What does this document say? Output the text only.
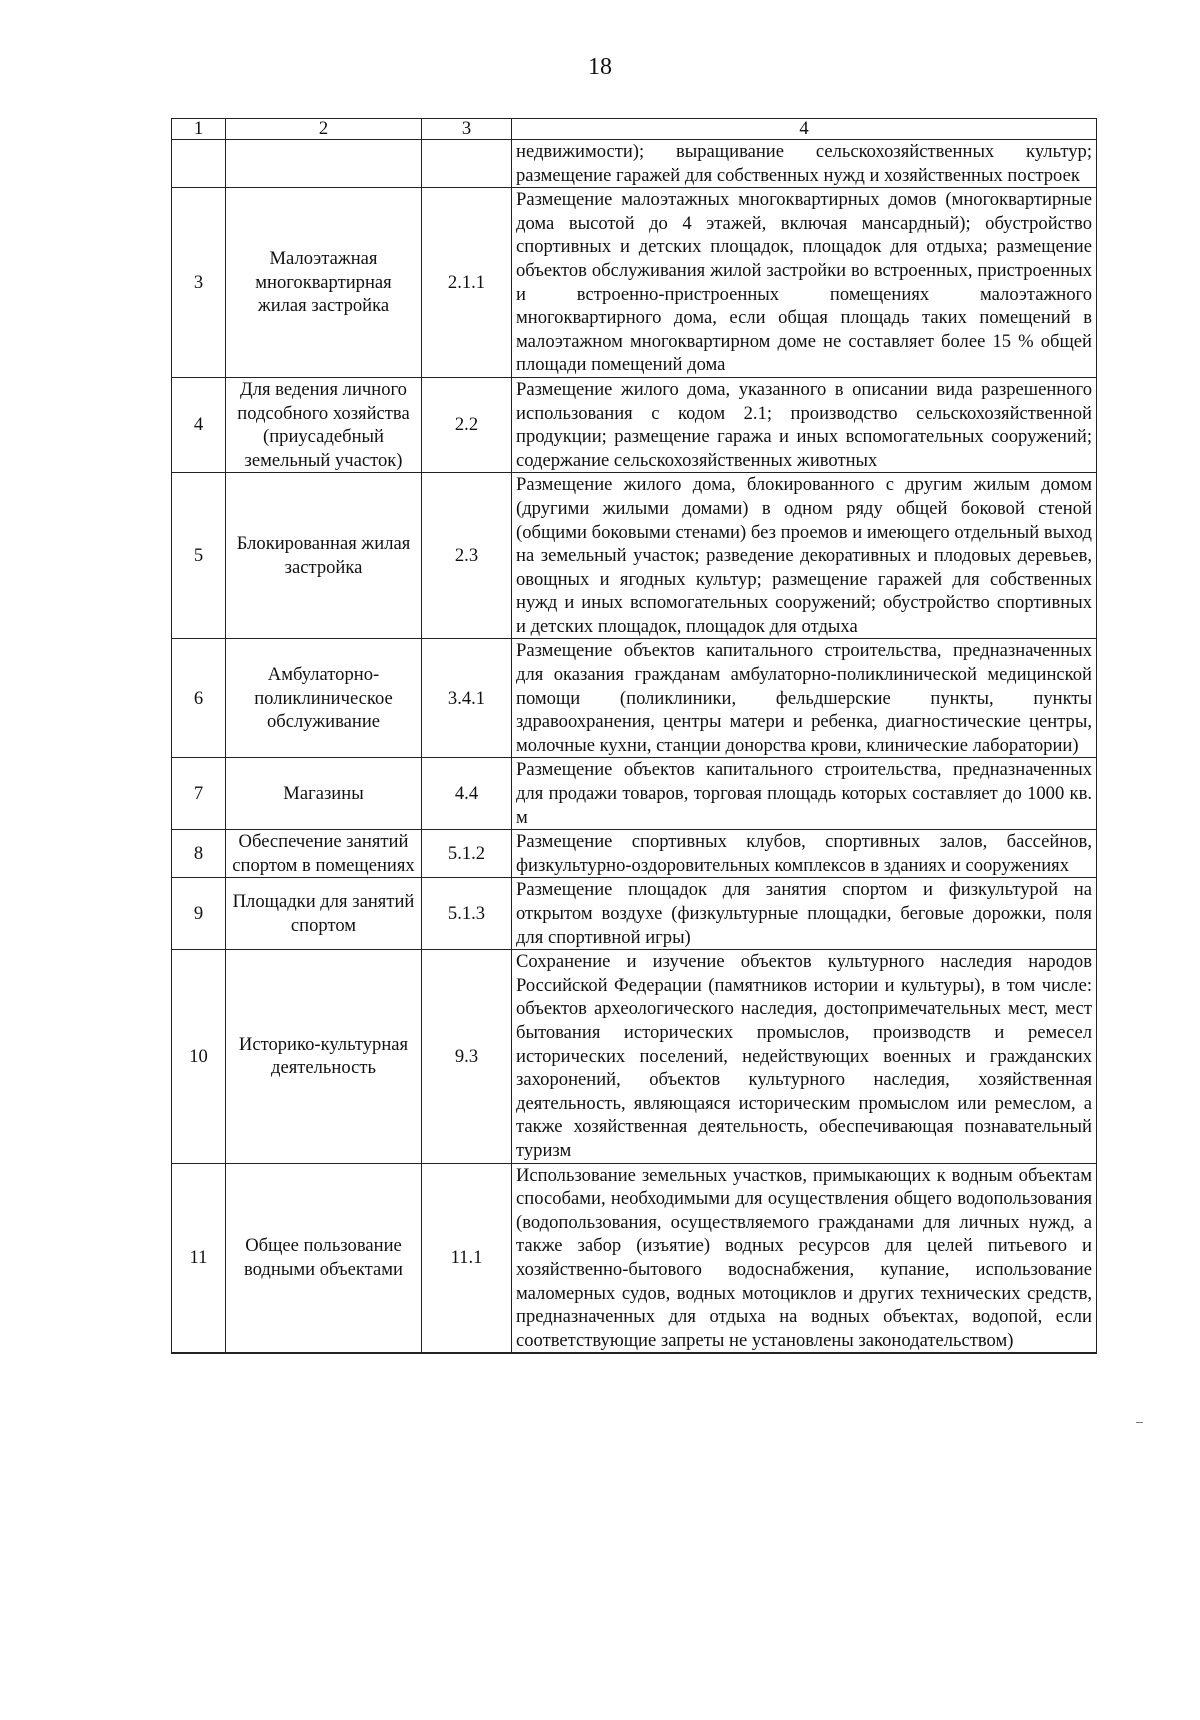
18
1	2	3	4
			недвижимости); выращивание сельскохозяйственных культур; размещение гаражей для собственных нужд и хозяйственных построек
3	Малоэтажная многоквартирная жилая застройка	2.1.1	Размещение малоэтажных многоквартирных домов (многоквартирные дома высотой до 4 этажей, включая мансардный); обустройство спортивных и детских площадок, площадок для отдыха; размещение объектов обслуживания жилой застройки во встроенных, пристроенных и встроенно-пристроенных помещениях малоэтажного многоквартирного дома, если общая площадь таких помещений в малоэтажном многоквартирном доме не составляет более 15 % общей площади помещений дома
4	Для ведения личного подсобного хозяйства (приусадебный земельный участок)	2.2	Размещение жилого дома, указанного в описании вида разрешенного использования с кодом 2.1; производство сельскохозяйственной продукции; размещение гаража и иных вспомогательных сооружений; содержание сельскохозяйственных животных
5	Блокированная жилая застройка	2.3	Размещение жилого дома, блокированного с другим жилым домом (другими жилыми домами) в одном ряду общей боковой стеной (общими боковыми стенами) без проемов и имеющего отдельный выход на земельный участок; разведение декоративных и плодовых деревьев, овощных и ягодных культур; размещение гаражей для собственных нужд и иных вспомогательных сооружений; обустройство спортивных и детских площадок, площадок для отдыха
6	Амбулаторно-поликлиническое обслуживание	3.4.1	Размещение объектов капитального строительства, предназначенных для оказания гражданам амбулаторно-поликлинической медицинской помощи (поликлиники, фельдшерские пункты, пункты здравоохранения, центры матери и ребенка, диагностические центры, молочные кухни, станции донорства крови, клинические лаборатории)
7	Магазины	4.4	Размещение объектов капитального строительства, предназначенных для продажи товаров, торговая площадь которых составляет до 1000 кв. м
8	Обеспечение занятий спортом в помещениях	5.1.2	Размещение спортивных клубов, спортивных залов, бассейнов, физкультурно-оздоровительных комплексов в зданиях и сооружениях
9	Площадки для занятий спортом	5.1.3	Размещение площадок для занятия спортом и физкультурой на открытом воздухе (физкультурные площадки, беговые дорожки, поля для спортивной игры)
10	Историко-культурная деятельность	9.3	Сохранение и изучение объектов культурного наследия народов Российской Федерации (памятников истории и культуры), в том числе: объектов археологического наследия, достопримечательных мест, мест бытования исторических промыслов, производств и ремесел исторических поселений, недействующих военных и гражданских захоронений, объектов культурного наследия, хозяйственная деятельность, являющаяся историческим промыслом или ремеслом, а также хозяйственная деятельность, обеспечивающая познавательный туризм
11	Общее пользование водными объектами	11.1	Использование земельных участков, примыкающих к водным объектам способами, необходимыми для осуществления общего водопользования (водопользования, осуществляемого гражданами для личных нужд, а также забор (изъятие) водных ресурсов для целей питьевого и хозяйственно-бытового водоснабжения, купание, использование маломерных судов, водных мотоциклов и других технических средств, предназначенных для отдыха на водных объектах, водопой, если соответствующие запреты не установлены законодательством)
